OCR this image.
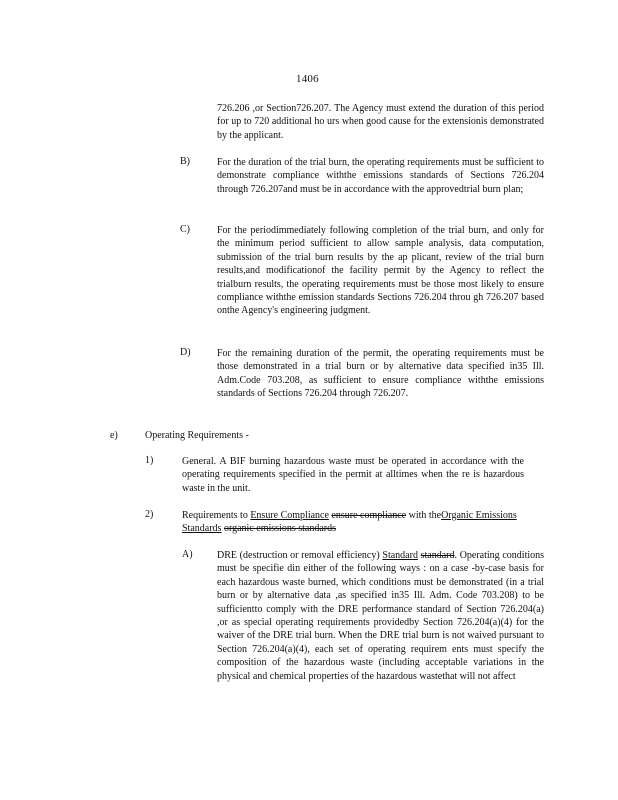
1406
726.206 ,or Section726.207. The Agency must extend the duration of this period for up to 720 additional ho urs when good cause for the extensionis demonstrated by the applicant.
B)	For the duration of the trial burn, the operating requirements must be sufficient to demonstrate compliance withthe emissions standards of Sections 726.204 through 726.207and must be in accordance with the approvedtrial burn plan;
C)	For the periodimmediately following completion of the trial burn, and only for the minimum period sufficient to allow sample analysis, data computation, submission of the trial burn results by the ap plicant, review of the trial burn results,and modificationof the facility permit by the Agency to reflect the trialburn results, the operating requirements must be those most likely to ensure compliance withthe emission standards Sections 726.204 throu gh 726.207 based onthe Agency's engineering judgment.
D)	For the remaining duration of the permit, the operating requirements must be those demonstrated in a trial burn or by alternative data specified in35 Ill. Adm.Code 703.208, as sufficient to ensure compliance withthe emissions standards of Sections 726.204 through 726.207.
e)	Operating Requirements -
1)	General. A BIF burning hazardous waste must be operated in accordance with the operating requirements specified in the permit at alltimes when the re is hazardous waste in the unit.
2)	Requirements to Ensure Compliance ensure compliance with theOrganic Emissions Standards organic emissions standards
A) DRE (destruction or removal efficiency) Standard standard. Operating conditions must be specifie din either of the following ways : on a case -by-case basis for each hazardous waste burned, which conditions must be demonstrated (in a trial burn or by alternative data ,as specified in35 Ill. Adm. Code 703.208) to be sufficientto comply with the DRE performance standard of Section 726.204(a) ,or as special operating requirements providedby Section 726.204(a)(4) for the waiver of the DRE trial burn. When the DRE trial burn is not waived pursuant to Section 726.204(a)(4), each set of operating requirem ents must specify the composition of the hazardous waste (including acceptable variations in the physical and chemical properties of the hazardous wastethat will not affect
